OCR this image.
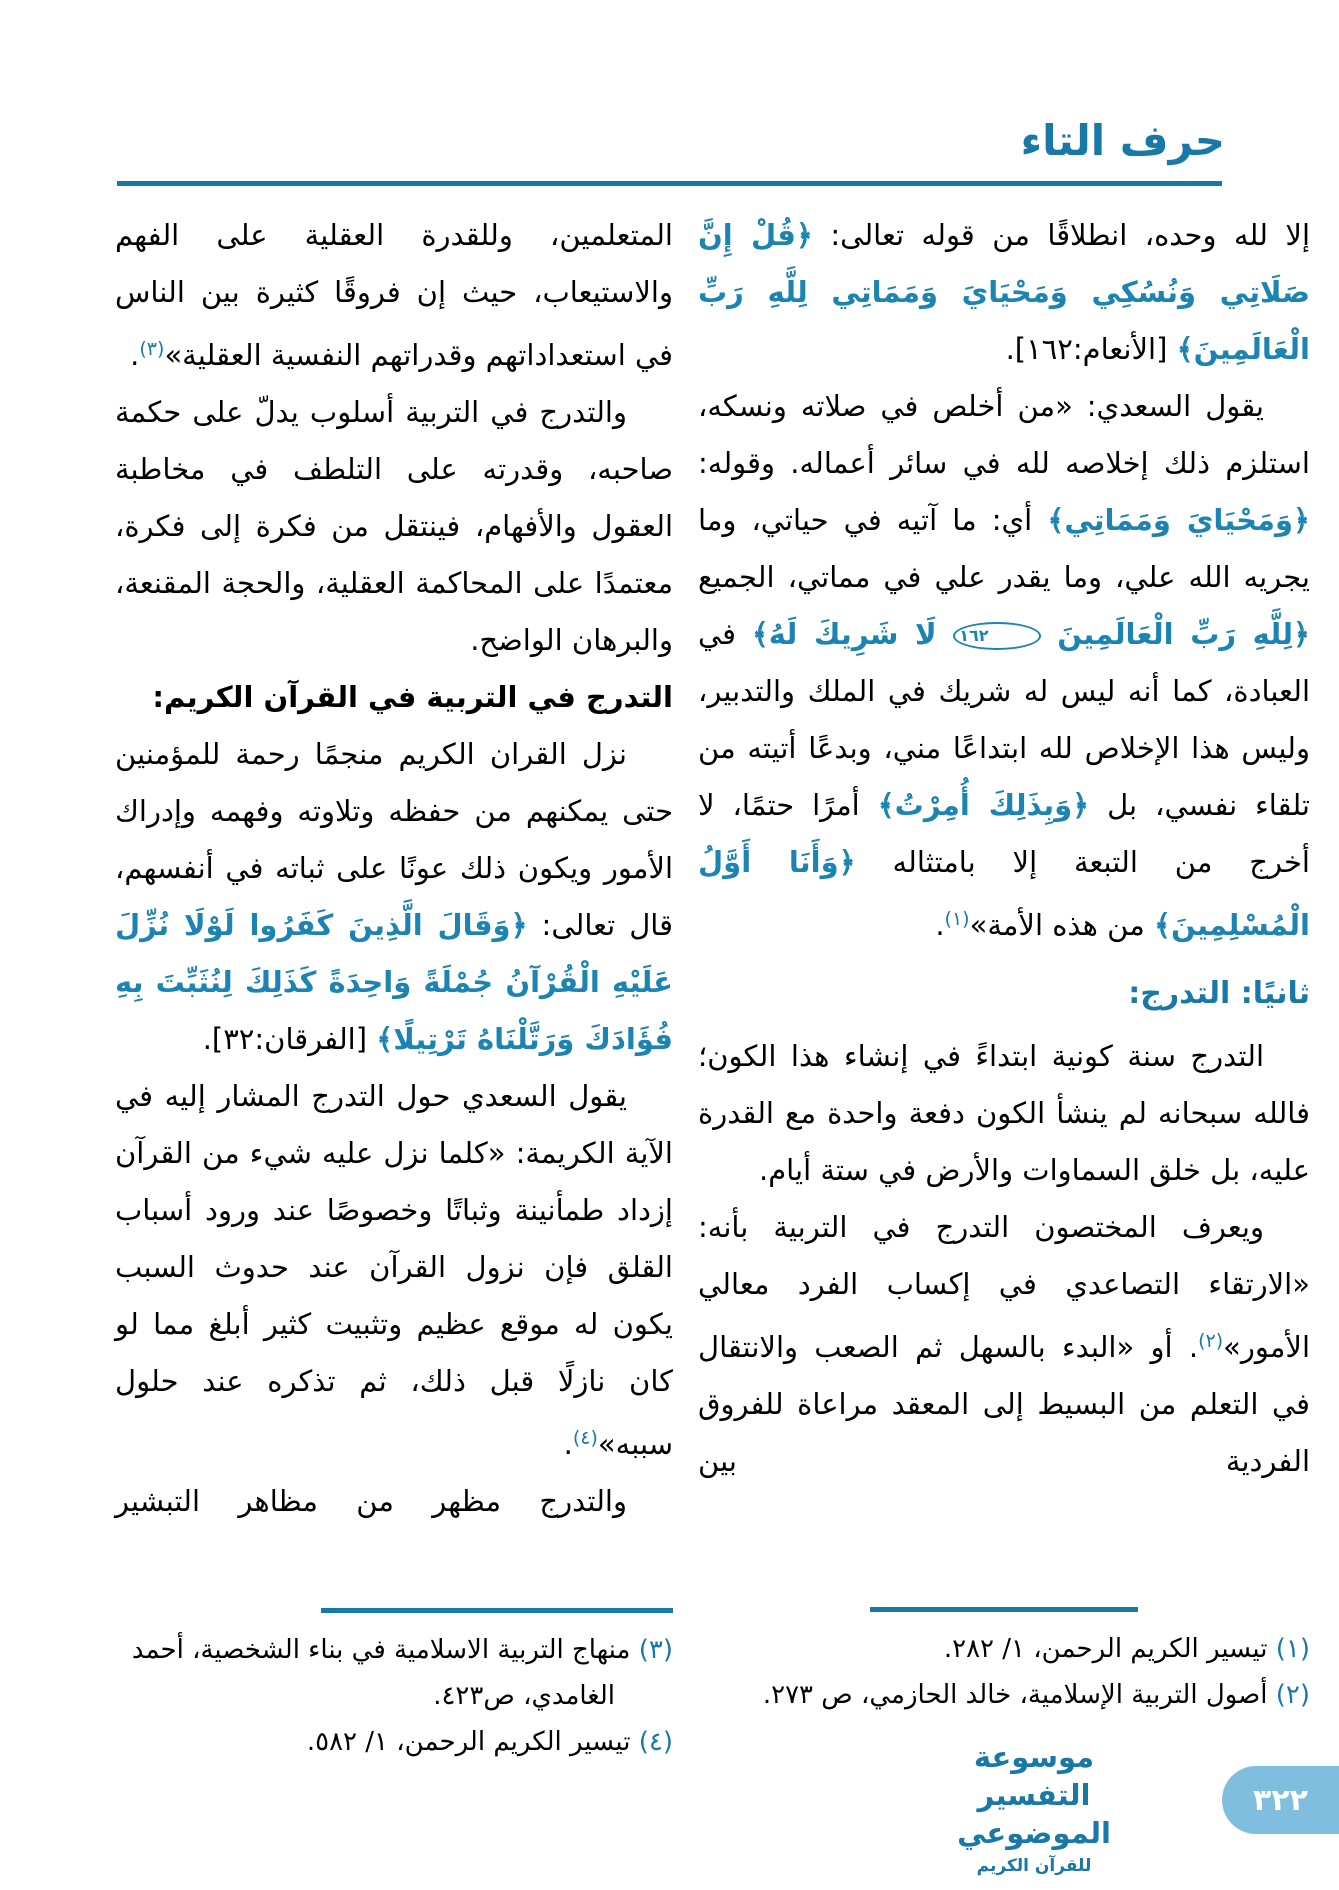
حرف التاء

إلا لله وحده، انطلاقًا من قوله تعالى: ﴿قُلْ إِنَّ صَلَاتِي وَنُسُكِي وَمَحْيَايَ وَمَمَاتِي لِلَّهِ رَبِّ الْعَالَمِينَ﴾ [الأنعام:١٦٢].

يقول السعدي: «من أخلص في صلاته ونسكه، استلزم ذلك إخلاصه لله في سائر أعماله. وقوله: ﴿وَمَحْيَايَ وَمَمَاتِي﴾ أي: ما آتيه في حياتي، وما يجريه الله علي، وما يقدر علي في مماتي، الجميع ﴿لِلَّهِ رَبِّ الْعَالَمِينَ ١٦٢ لَا شَرِيكَ لَهُ﴾ في العبادة، كما أنه ليس له شريك في الملك والتدبير، وليس هذا الإخلاص لله ابتداعًا مني، وبدعًا أتيته من تلقاء نفسي، بل ﴿وَبِذَلِكَ أُمِرْتُ﴾ أمرًا حتمًا، لا أخرج من التبعة إلا بامتثاله ﴿وَأَنَا أَوَّلُ الْمُسْلِمِينَ﴾ من هذه الأمة»$^{(١)}$.

ثانيًا: التدرج:

التدرج سنة كونية ابتداءً في إنشاء هذا الكون؛ فالله سبحانه لم ينشأ الكون دفعة واحدة مع القدرة عليه، بل خلق السماوات والأرض في ستة أيام.

ويعرف المختصون التدرج في التربية بأنه: «الارتقاء التصاعدي في إكساب الفرد معالي الأمور»$^{(٢)}$. أو «البدء بالسهل ثم الصعب والانتقال في التعلم من البسيط إلى المعقد مراعاة للفروق الفردية بين

(١) تيسير الكريم الرحمن، ١/ ٢٨٢.

(٢) أصول التربية الإسلامية، خالد الحازمي، ص ٢٧٣.

المتعلمين، وللقدرة العقلية على الفهم والاستيعاب، حيث إن فروقًا كثيرة بين الناس في استعداداتهم وقدراتهم النفسية العقلية»$^{(٣)}$.

والتدرج في التربية أسلوب يدلّ على حكمة صاحبه، وقدرته على التلطف في مخاطبة العقول والأفهام، فينتقل من فكرة إلى فكرة، معتمدًا على المحاكمة العقلية، والحجة المقنعة، والبرهان الواضح.

التدرج في التربية في القرآن الكريم:

نزل القران الكريم منجمًا رحمة للمؤمنين حتى يمكنهم من حفظه وتلاوته وفهمه وإدراك الأمور ويكون ذلك عونًا على ثباته في أنفسهم، قال تعالى: ﴿وَقَالَ الَّذِينَ كَفَرُوا لَوْلَا نُزِّلَ عَلَيْهِ الْقُرْآنُ جُمْلَةً وَاحِدَةً كَذَلِكَ لِنُثَبِّتَ بِهِ فُؤَادَكَ وَرَتَّلْنَاهُ تَرْتِيلًا﴾ [الفرقان:٣٢].

يقول السعدي حول التدرج المشار إليه في الآية الكريمة: «كلما نزل عليه شيء من القرآن إزداد طمأنينة وثباتًا وخصوصًا عند ورود أسباب القلق فإن نزول القرآن عند حدوث السبب يكون له موقع عظيم وتثبيت كثير أبلغ مما لو كان نازلًا قبل ذلك، ثم تذكره عند حلول سببه»$^{(٤)}$.

والتدرج مظهر من مظاهر التبشير

(٣) منهاج التربية الاسلامية في بناء الشخصية، أحمد الغامدي، ص٤٢٣.

(٤) تيسير الكريم الرحمن، ١/ ٥٨٢.	موسوعة التفسير الموضوعي
للقرآن الكريم
٣٢٢
